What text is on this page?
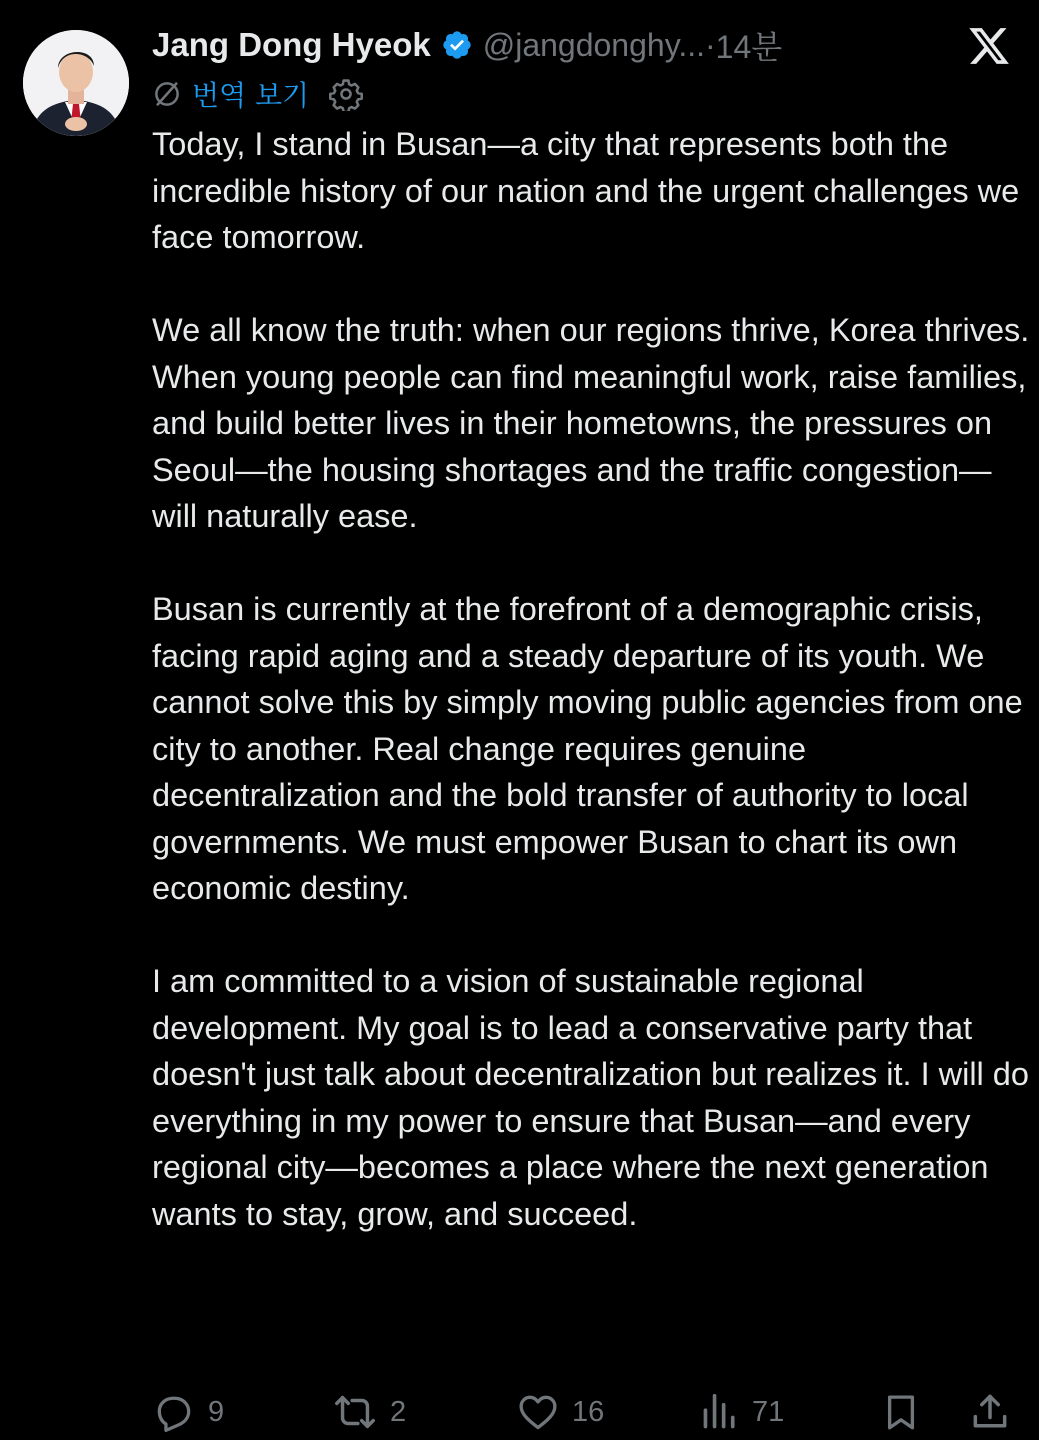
Jang Dong Hyeok @jangdonghy... · 14분
번역 보기

Today, I stand in Busan—a city that represents both the incredible history of our nation and the urgent challenges we face tomorrow.

We all know the truth: when our regions thrive, Korea thrives. When young people can find meaningful work, raise families, and build better lives in their hometowns, the pressures on Seoul—the housing shortages and the traffic congestion—will naturally ease.

Busan is currently at the forefront of a demographic crisis, facing rapid aging and a steady departure of its youth. We cannot solve this by simply moving public agencies from one city to another. Real change requires genuine decentralization and the bold transfer of authority to local governments. We must empower Busan to chart its own economic destiny.

I am committed to a vision of sustainable regional development. My goal is to lead a conservative party that doesn't just talk about decentralization but realizes it. I will do everything in my power to ensure that Busan—and every regional city—becomes a place where the next generation wants to stay, grow, and succeed.

9	2	16	71
